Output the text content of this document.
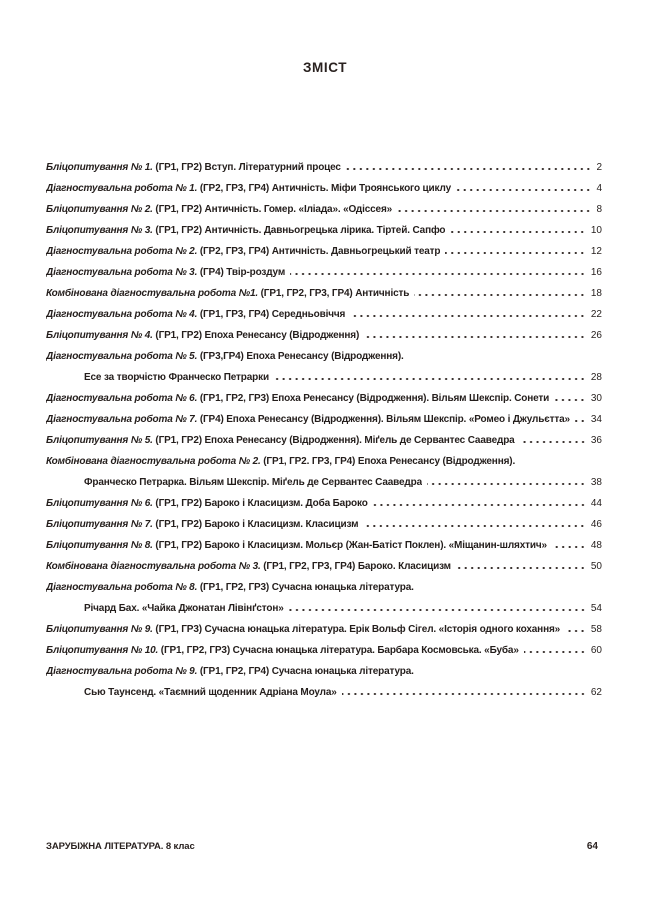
ЗМІСТ
Бліцопитування № 1. (ГР1, ГР2) Вступ. Літературний процес	2
Діагностувальна робота № 1. (ГР2, ГР3, ГР4) Античність. Міфи Троянського циклу	4
Бліцопитування № 2. (ГР1, ГР2) Античність. Гомер. «Іліада». «Одіссея»	8
Бліцопитування № 3. (ГР1, ГР2) Античність. Давньогрецька лірика. Тіртей. Сапфо	10
Діагностувальна робота № 2. (ГР2, ГР3, ГР4) Античність. Давньогрецький театр	12
Діагностувальна робота № 3. (ГР4) Твір-роздум	16
Комбінована діагностувальна робота №1. (ГР1, ГР2, ГР3, ГР4) Античність	18
Діагностувальна робота № 4. (ГР1, ГР3, ГР4) Середньовіччя	22
Бліцопитування № 4. (ГР1, ГР2) Епоха Ренесансу (Відродження)	26
Діагностувальна робота № 5. (ГР3,ГР4) Епоха Ренесансу (Відродження).
Есе за творчістю Франческо Петрарки	28
Діагностувальна робота № 6. (ГР1, ГР2, ГР3) Епоха Ренесансу (Відродження). Вільям Шекспір. Сонети	30
Діагностувальна робота № 7. (ГР4) Епоха Ренесансу (Відродження). Вільям Шекспір. «Ромео і Джульєтта» 34
Бліцопитування № 5. (ГР1, ГР2) Епоха Ренесансу (Відродження). Міґель де Сервантес Сааведра	36
Комбінована діагностувальна робота № 2. (ГР1, ГР2. ГР3, ГР4) Епоха Ренесансу (Відродження).
Франческо Петрарка. Вільям Шекспір. Міґель де Сервантес Сааведра	38
Бліцопитування № 6. (ГР1, ГР2) Бароко і Класицизм. Доба Бароко	44
Бліцопитування № 7. (ГР1, ГР2) Бароко і Класицизм. Класицизм	46
Бліцопитування № 8. (ГР1, ГР2) Бароко і Класицизм. Мольєр (Жан-Батіст Поклен). «Міщанин-шляхтич»	48
Комбінована діагностувальна робота № 3. (ГР1, ГР2, ГР3, ГР4) Бароко. Класицизм	50
Діагностувальна робота № 8. (ГР1, ГР2, ГР3) Сучасна юнацька література.
Річард Бах. «Чайка Джонатан Лівінґстон»	54
Бліцопитування № 9. (ГР1, ГР3) Сучасна юнацька література. Ерік Вольф Сігел. «Історія одного кохання»	58
Бліцопитування № 10. (ГР1, ГР2, ГР3) Сучасна юнацька література. Барбара Космовська. «Буба»	60
Діагностувальна робота № 9. (ГР1, ГР2, ГР4) Сучасна юнацька література.
Сью Таунсенд. «Таємний щоденник Адріана Моула»	62
ЗАРУБІЖНА ЛІТЕРАТУРА. 8 клас	64
